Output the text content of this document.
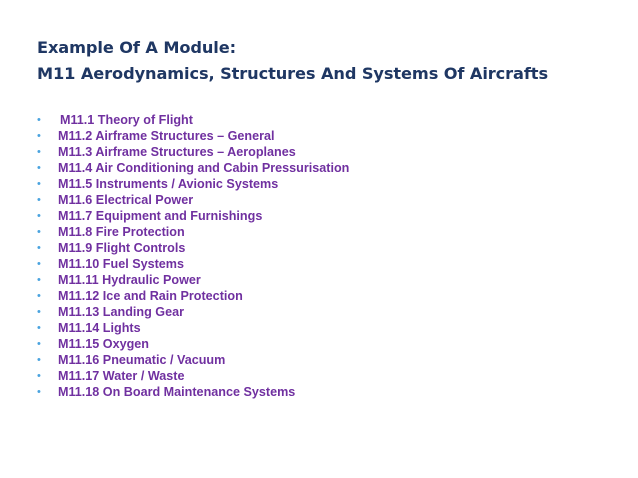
Example Of A Module:
M11 Aerodynamics, Structures And Systems Of Aircrafts
•	M11.1 Theory of Flight
•	M11.2 Airframe Structures – General
•	M11.3 Airframe Structures – Aeroplanes
•	M11.4 Air Conditioning and Cabin Pressurisation
•	M11.5 Instruments / Avionic Systems
•	M11.6 Electrical Power
•	M11.7 Equipment and Furnishings
•	M11.8 Fire Protection
•	M11.9 Flight Controls
•	M11.10 Fuel Systems
•	M11.11 Hydraulic Power
•	M11.12 Ice and Rain Protection
•	M11.13 Landing Gear
•	M11.14 Lights
•	M11.15 Oxygen
•	M11.16 Pneumatic / Vacuum
•	M11.17 Water / Waste
•	M11.18 On Board Maintenance Systems
